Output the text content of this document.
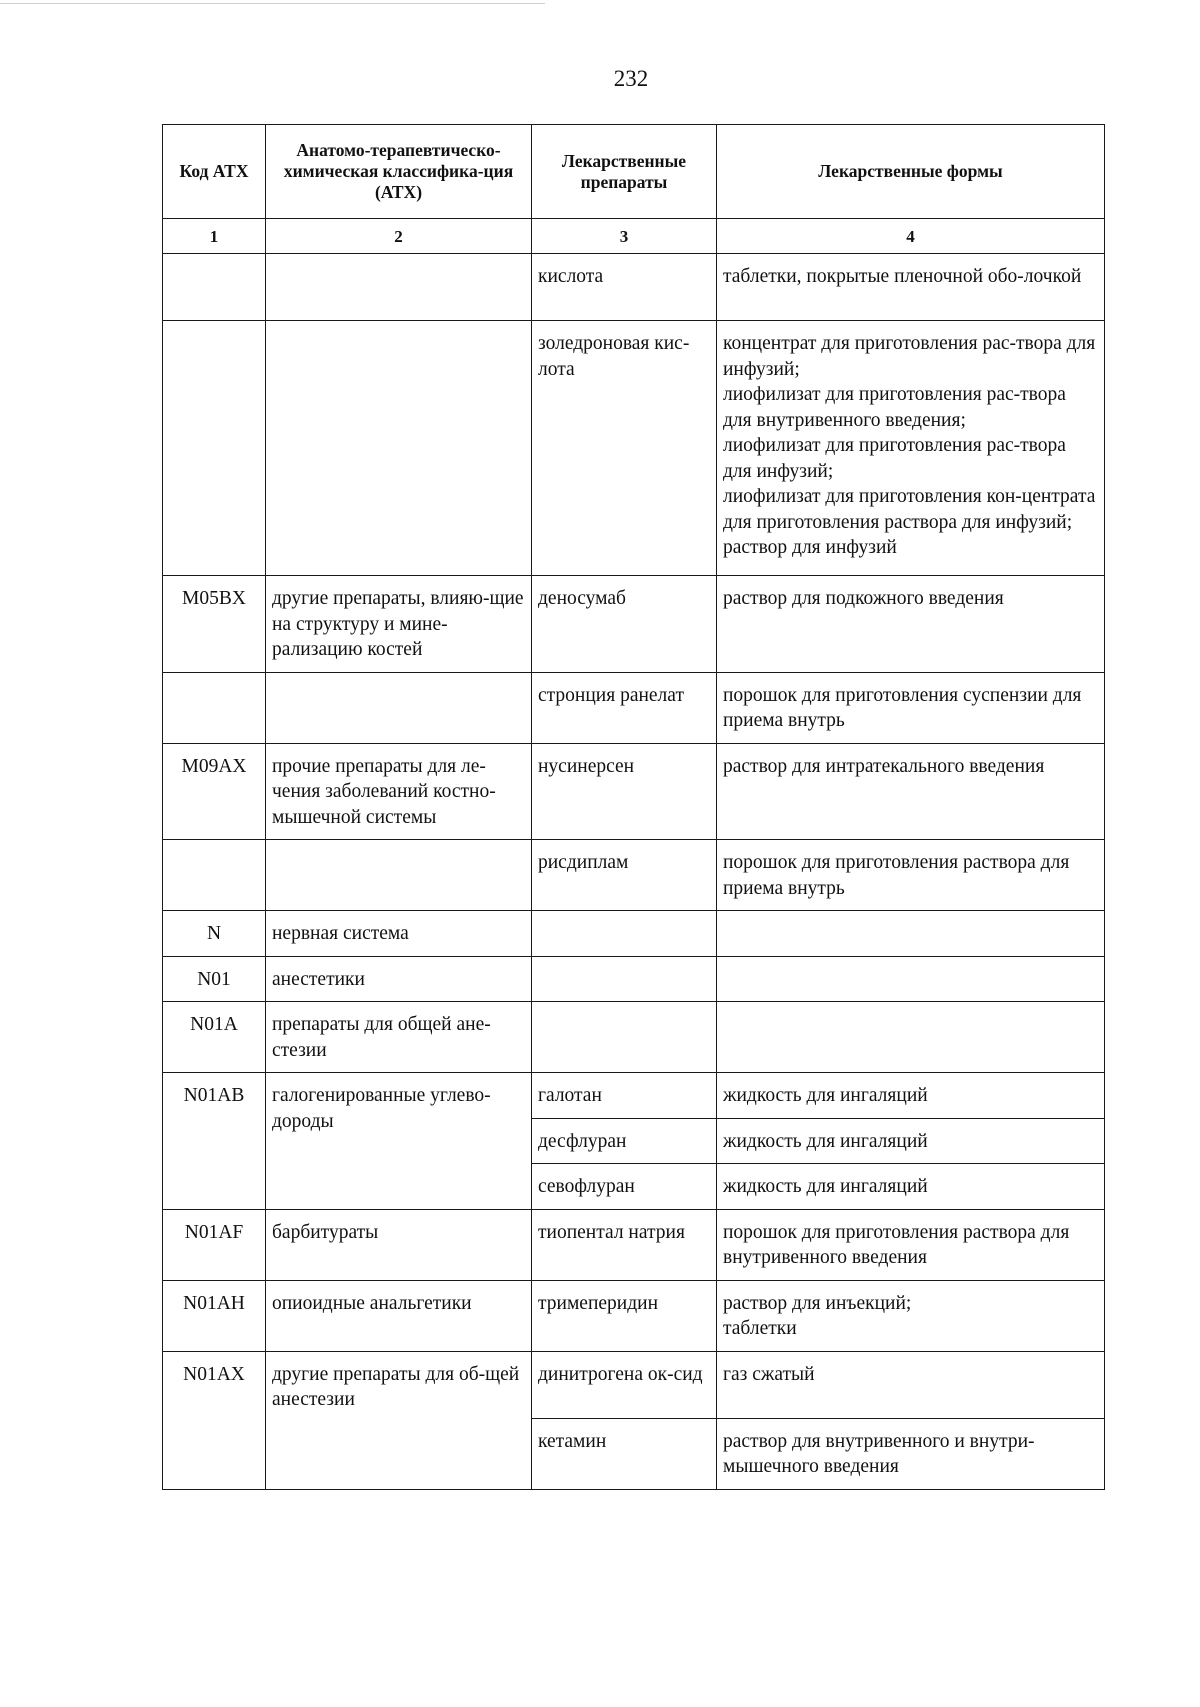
232
Код ATX	Анатомо-терапевтическо-химическая классифика-ция (АТХ)	Лекарственные препараты	Лекарственные формы
1	2	3	4
		кислота	таблетки, покрытые пленочной обо-лочкой

		золедроновая кис-лота	концентрат для приготовления рас-твора для инфузий;
лиофилизат для приготовления рас-твора для внутривенного введения;
лиофилизат для приготовления рас-твора для инфузий;
лиофилизат для приготовления кон-центрата для приготовления раствора для инфузий;
раствор для инфузий

M05BX	другие препараты, влияю-щие на структуру и мине-рализацию костей	деносумаб	раствор для подкожного введения

		стронция ранелат	порошок для приготовления суспензии для приема внутрь

M09AX	прочие препараты для ле-чения заболеваний костно-мышечной системы	нусинерсен	раствор для интратекального введения

		рисдиплам	порошок для приготовления раствора для приема внутрь

N	нервная система		
N01	анестетики		
N01A	препараты для общей ане-стезии		
N01AB	галогенированные углево-дороды	галотан	жидкость для ингаляций

		десфлуран	жидкость для ингаляций

		севофлуран	жидкость для ингаляций

N01AF	барбитураты	тиопентал натрия	порошок для приготовления раствора для внутривенного введения

N01AH	опиоидные анальгетики	тримеперидин	раствор для инъекций;
таблетки

N01AX	другие препараты для об-щей анестезии	динитрогена ок-сид	газ сжатый

		кетамин	раствор для внутривенного и внутри-мышечного введения
